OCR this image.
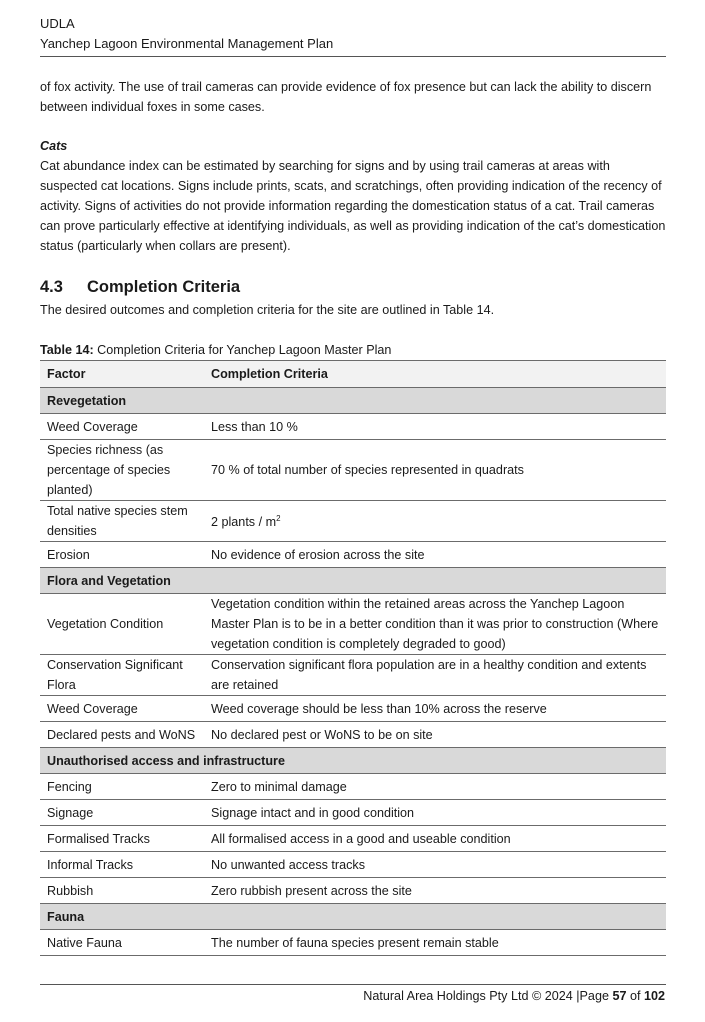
UDLA
Yanchep Lagoon Environmental Management Plan

of fox activity. The use of trail cameras can provide evidence of fox presence but can lack the ability to discern between individual foxes in some cases.

Cats

Cat abundance index can be estimated by searching for signs and by using trail cameras at areas with suspected cat locations. Signs include prints, scats, and scratchings, often providing indication of the recency of activity. Signs of activities do not provide information regarding the domestication status of a cat. Trail cameras can prove particularly effective at identifying individuals, as well as providing indication of the cat’s domestication status (particularly when collars are present).

4.3 Completion Criteria

The desired outcomes and completion criteria for the site are outlined in Table 14.

Table 14: Completion Criteria for Yanchep Lagoon Master Plan
Factor	Completion Criteria
Revegetation	
Weed Coverage	Less than 10 %
Species richness (as percentage of species planted)	70 % of total number of species represented in quadrats
Total native species stem densities	2 plants / $m^2$
Erosion	No evidence of erosion across the site
Flora and Vegetation	
Vegetation Condition	Vegetation condition within the retained areas across the Yanchep Lagoon Master Plan is to be in a better condition than it was prior to construction (Where vegetation condition is completely degraded to good)
Conservation Significant Flora	Conservation significant flora population are in a healthy condition and extents are retained
Weed Coverage	Weed coverage should be less than 10% across the reserve
Declared pests and WoNS	No declared pest or WoNS to be on site
Unauthorised access and infrastructure	
Fencing	Zero to minimal damage
Signage	Signage intact and in good condition
Formalised Tracks	All formalised access in a good and useable condition
Informal Tracks	No unwanted access tracks
Rubbish	Zero rubbish present across the site
Fauna	
Native Fauna	The number of fauna species present remain stable
Natural Area Holdings Pty Ltd © 2024 |Page 57 of 102
